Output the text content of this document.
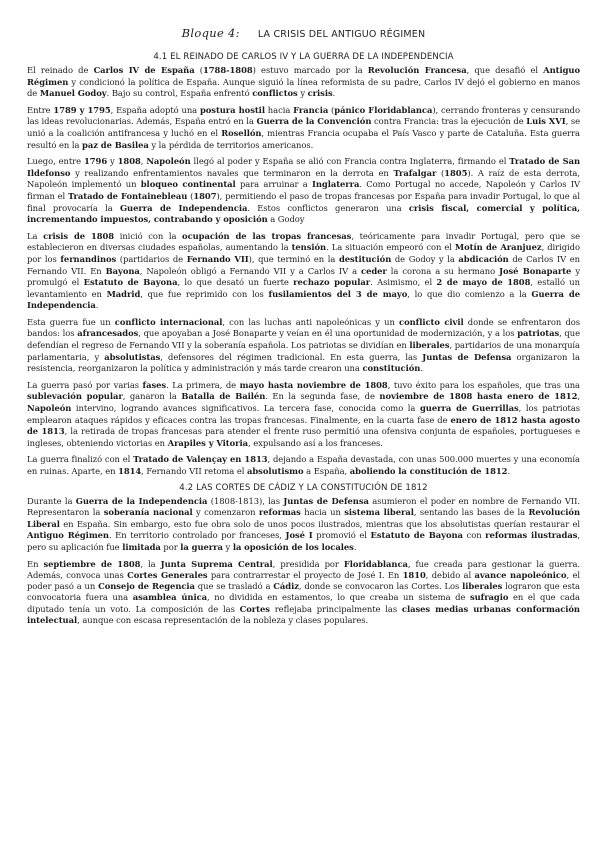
Bloque 4: LA CRISIS DEL ANTIGUO RÉGIMEN
4.1 EL REINADO DE CARLOS IV Y LA GUERRA DE LA INDEPENDENCIA

El reinado de Carlos IV de España (1788-1808) estuvo marcado por la Revolución Francesa, que desafió el Antiguo Régimen y condicionó la política de España. Aunque siguió la línea reformista de su padre, Carlos IV dejó el gobierno en manos de Manuel Godoy. Bajo su control, España enfrentó conflictos y crisis.

Entre 1789 y 1795, España adoptó una postura hostil hacia Francia (pánico Floridablanca), cerrando fronteras y censurando las ideas revolucionarias. Además, España entró en la Guerra de la Convención contra Francia: tras la ejecución de Luis XVI, se unió a la coalición antifrancesa y luchó en el Rosellón, mientras Francia ocupaba el País Vasco y parte de Cataluña. Esta guerra resultó en la paz de Basilea y la pérdida de territorios americanos.

Luego, entre 1796 y 1808, Napoleón llegó al poder y España se alió con Francia contra Inglaterra, firmando el Tratado de San Ildefonso y realizando enfrentamientos navales que terminaron en la derrota en Trafalgar (1805). A raíz de esta derrota, Napoleón implementó un bloqueo continental para arruinar a Inglaterra. Como Portugal no accede, Napoleón y Carlos IV firman el Tratado de Fontainebleau (1807), permitiendo el paso de tropas francesas por España para invadir Portugal, lo que al final provocaría la Guerra de Independencia. Estos conflictos generaron una crisis fiscal, comercial y política, incrementando impuestos, contrabando y oposición a Godoy

La crisis de 1808 inició con la ocupación de las tropas francesas, teóricamente para invadir Portugal, pero que se establecieron en diversas ciudades españolas, aumentando la tensión. La situación empeoró con el Motín de Aranjuez, dirigido por los fernandinos (partidarios de Fernando VII), que terminó en la destitución de Godoy y la abdicación de Carlos IV en Fernando VII. En Bayona, Napoleón obligó a Fernando VII y a Carlos IV a ceder la corona a su hermano José Bonaparte y promulgó el Estatuto de Bayona, lo que desató un fuerte rechazo popular. Asimismo, el 2 de mayo de 1808, estalló un levantamiento en Madrid, que fue reprimido con los fusilamientos del 3 de mayo, lo que dio comienzo a la Guerra de Independencia.

Esta guerra fue un conflicto internacional, con las luchas anti napoleónicas y un conflicto civil donde se enfrentaron dos bandos: los afrancesados, que apoyaban a José Bonaparte y veían en él una oportunidad de modernización, y a los patriotas, que defendían el regreso de Fernando VII y la soberanía española. Los patriotas se dividían en liberales, partidarios de una monarquía parlamentaria, y absolutistas, defensores del régimen tradicional. En esta guerra, las Juntas de Defensa organizaron la resistencia, reorganizaron la política y administración y más tarde crearon una constitución.

La guerra pasó por varias fases. La primera, de mayo hasta noviembre de 1808, tuvo éxito para los españoles, que tras una sublevación popular, ganaron la Batalla de Bailén. En la segunda fase, de noviembre de 1808 hasta enero de 1812, Napoleón intervino, logrando avances significativos. La tercera fase, conocida como la guerra de Guerrillas, los patriotas emplearon ataques rápidos y eficaces contra las tropas francesas. Finalmente, en la cuarta fase de enero de 1812 hasta agosto de 1813, la retirada de tropas francesas para atender el frente ruso permitió una ofensiva conjunta de españoles, portugueses e ingleses, obteniendo victorias en Arapiles y Vitoria, expulsando así a los franceses.

La guerra finalizó con el Tratado de Valençay en 1813, dejando a España devastada, con unas 500.000 muertes y una economía en ruinas. Aparte, en 1814, Fernando VII retoma el absolutismo a España, aboliendo la constitución de 1812.

4.2 LAS CORTES DE CÁDIZ Y LA CONSTITUCIÓN DE 1812

Durante la Guerra de la Independencia (1808-1813), las Juntas de Defensa asumieron el poder en nombre de Fernando VII. Representaron la soberanía nacional y comenzaron reformas hacia un sistema liberal, sentando las bases de la Revolución Liberal en España. Sin embargo, esto fue obra solo de unos pocos ilustrados, mientras que los absolutistas querían restaurar el Antiguo Régimen. En territorio controlado por franceses, José I promovió el Estatuto de Bayona con reformas ilustradas, pero su aplicación fue limitada por la guerra y la oposición de los locales.

En septiembre de 1808, la Junta Suprema Central, presidida por Floridablanca, fue creada para gestionar la guerra. Además, convoca unas Cortes Generales para contrarrestar el proyecto de José I. En 1810, debido al avance napoleónico, el poder pasó a un Consejo de Regencia que se trasladó a Cádiz, donde se convocaron las Cortes. Los liberales lograron que esta convocatoria fuera una asamblea única, no dividida en estamentos, lo que creaba un sistema de sufragio en el que cada diputado tenía un voto. La composición de las Cortes reflejaba principalmente las clases medias urbanas conformación intelectual, aunque con escasa representación de la nobleza y clases populares.
